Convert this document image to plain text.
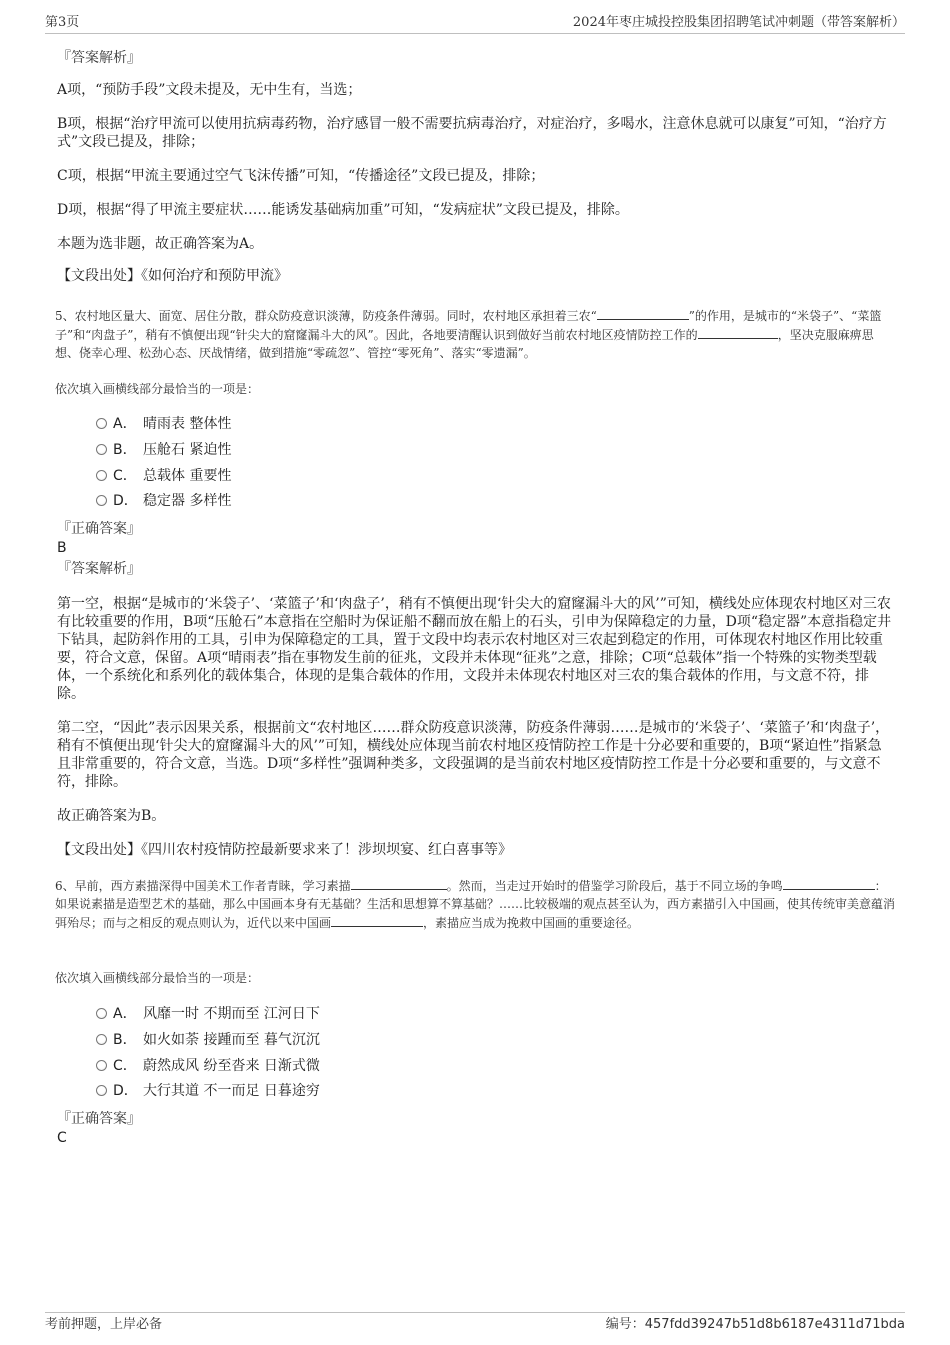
第3页	2024年枣庄城投控股集团招聘笔试冲刺题（带答案解析）
『答案解析』
A项，“预防手段”文段未提及，无中生有，当选；
B项，根据“治疗甲流可以使用抗病毒药物，治疗感冒一般不需要抗病毒治疗，对症治疗，多喝水，注意休息就可以康复”可知，“治疗方式”文段已提及，排除；
C项，根据“甲流主要通过空气飞沫传播”可知，“传播途径”文段已提及，排除；
D项，根据“得了甲流主要症状……能诱发基础病加重”可知，“发病症状”文段已提及，排除。
本题为选非题，故正确答案为A。
【文段出处】《如何治疗和预防甲流》
5、农村地区量大、面宽、居住分散，群众防疫意识淡薄，防疫条件薄弱。同时，农村地区承担着三农“	”的作用，是城市的“米袋子”、“菜篮子”和“肉盘子”，稍有不慎便出现“针尖大的窟窿漏斗大的风”。因此，各地要清醒认识到做好当前农村地区疫情防控工作的	，坚决克服麻痹思想、侥幸心理、松劲心态、厌战情绪，做到措施“零疏忽”、管控“零死角”、落实“零遗漏”。
依次填入画横线部分最恰当的一项是：
A． 晴雨表 整体性
B． 压舱石 紧迫性
C． 总载体 重要性
D． 稳定器 多样性
『正确答案』
B
『答案解析』
第一空，根据“是城市的‘米袋子’、‘菜篮子’和‘肉盘子’，稍有不慎便出现‘针尖大的窟窿漏斗大的风’”可知，横线处应体现农村地区对三农有比较重要的作用，B项“压舱石”本意指在空船时为保证船不翻而放在船上的石头，引申为保障稳定的力量，D项“稳定器”本意指稳定井下钻具，起防斜作用的工具，引申为保障稳定的工具，置于文段中均表示农村地区对三农起到稳定的作用，可体现农村地区作用比较重要，符合文意，保留。A项“晴雨表”指在事物发生前的征兆，文段并未体现“征兆”之意，排除；C项“总载体”指一个特殊的实物类型载体，一个系统化和系列化的载体集合，体现的是集合载体的作用，文段并未体现农村地区对三农的集合载体的作用，与文意不符，排除。
第二空，“因此”表示因果关系，根据前文“农村地区……群众防疫意识淡薄，防疫条件薄弱……是城市的‘米袋子’、‘菜篮子’和‘肉盘子’，稍有不慎便出现‘针尖大的窟窿漏斗大的风’”可知，横线处应体现当前农村地区疫情防控工作是十分必要和重要的，B项“紧迫性”指紧急且非常重要的，符合文意，当选。D项“多样性”强调种类多，文段强调的是当前农村地区疫情防控工作是十分必要和重要的，与文意不符，排除。
故正确答案为B。
【文段出处】《四川农村疫情防控最新要求来了！涉坝坝宴、红白喜事等》
6、早前，西方素描深得中国美术工作者青睐，学习素描	。然而，当走过开始时的借鉴学习阶段后，基于不同立场的争鸣	：如果说素描是造型艺术的基础，那么中国画本身有无基础？生活和思想算不算基础？……比较极端的观点甚至认为，西方素描引入中国画，使其传统审美意蕴消弭殆尽；而与之相反的观点则认为，近代以来中国画	，素描应当成为挽救中国画的重要途径。
依次填入画横线部分最恰当的一项是：
A． 风靡一时 不期而至 江河日下
B． 如火如荼 接踵而至 暮气沉沉
C． 蔚然成风 纷至沓来 日渐式微
D． 大行其道 不一而足 日暮途穷
『正确答案』
C
考前押题，上岸必备	编号：457fdd39247b51d8b6187e4311d71bda
